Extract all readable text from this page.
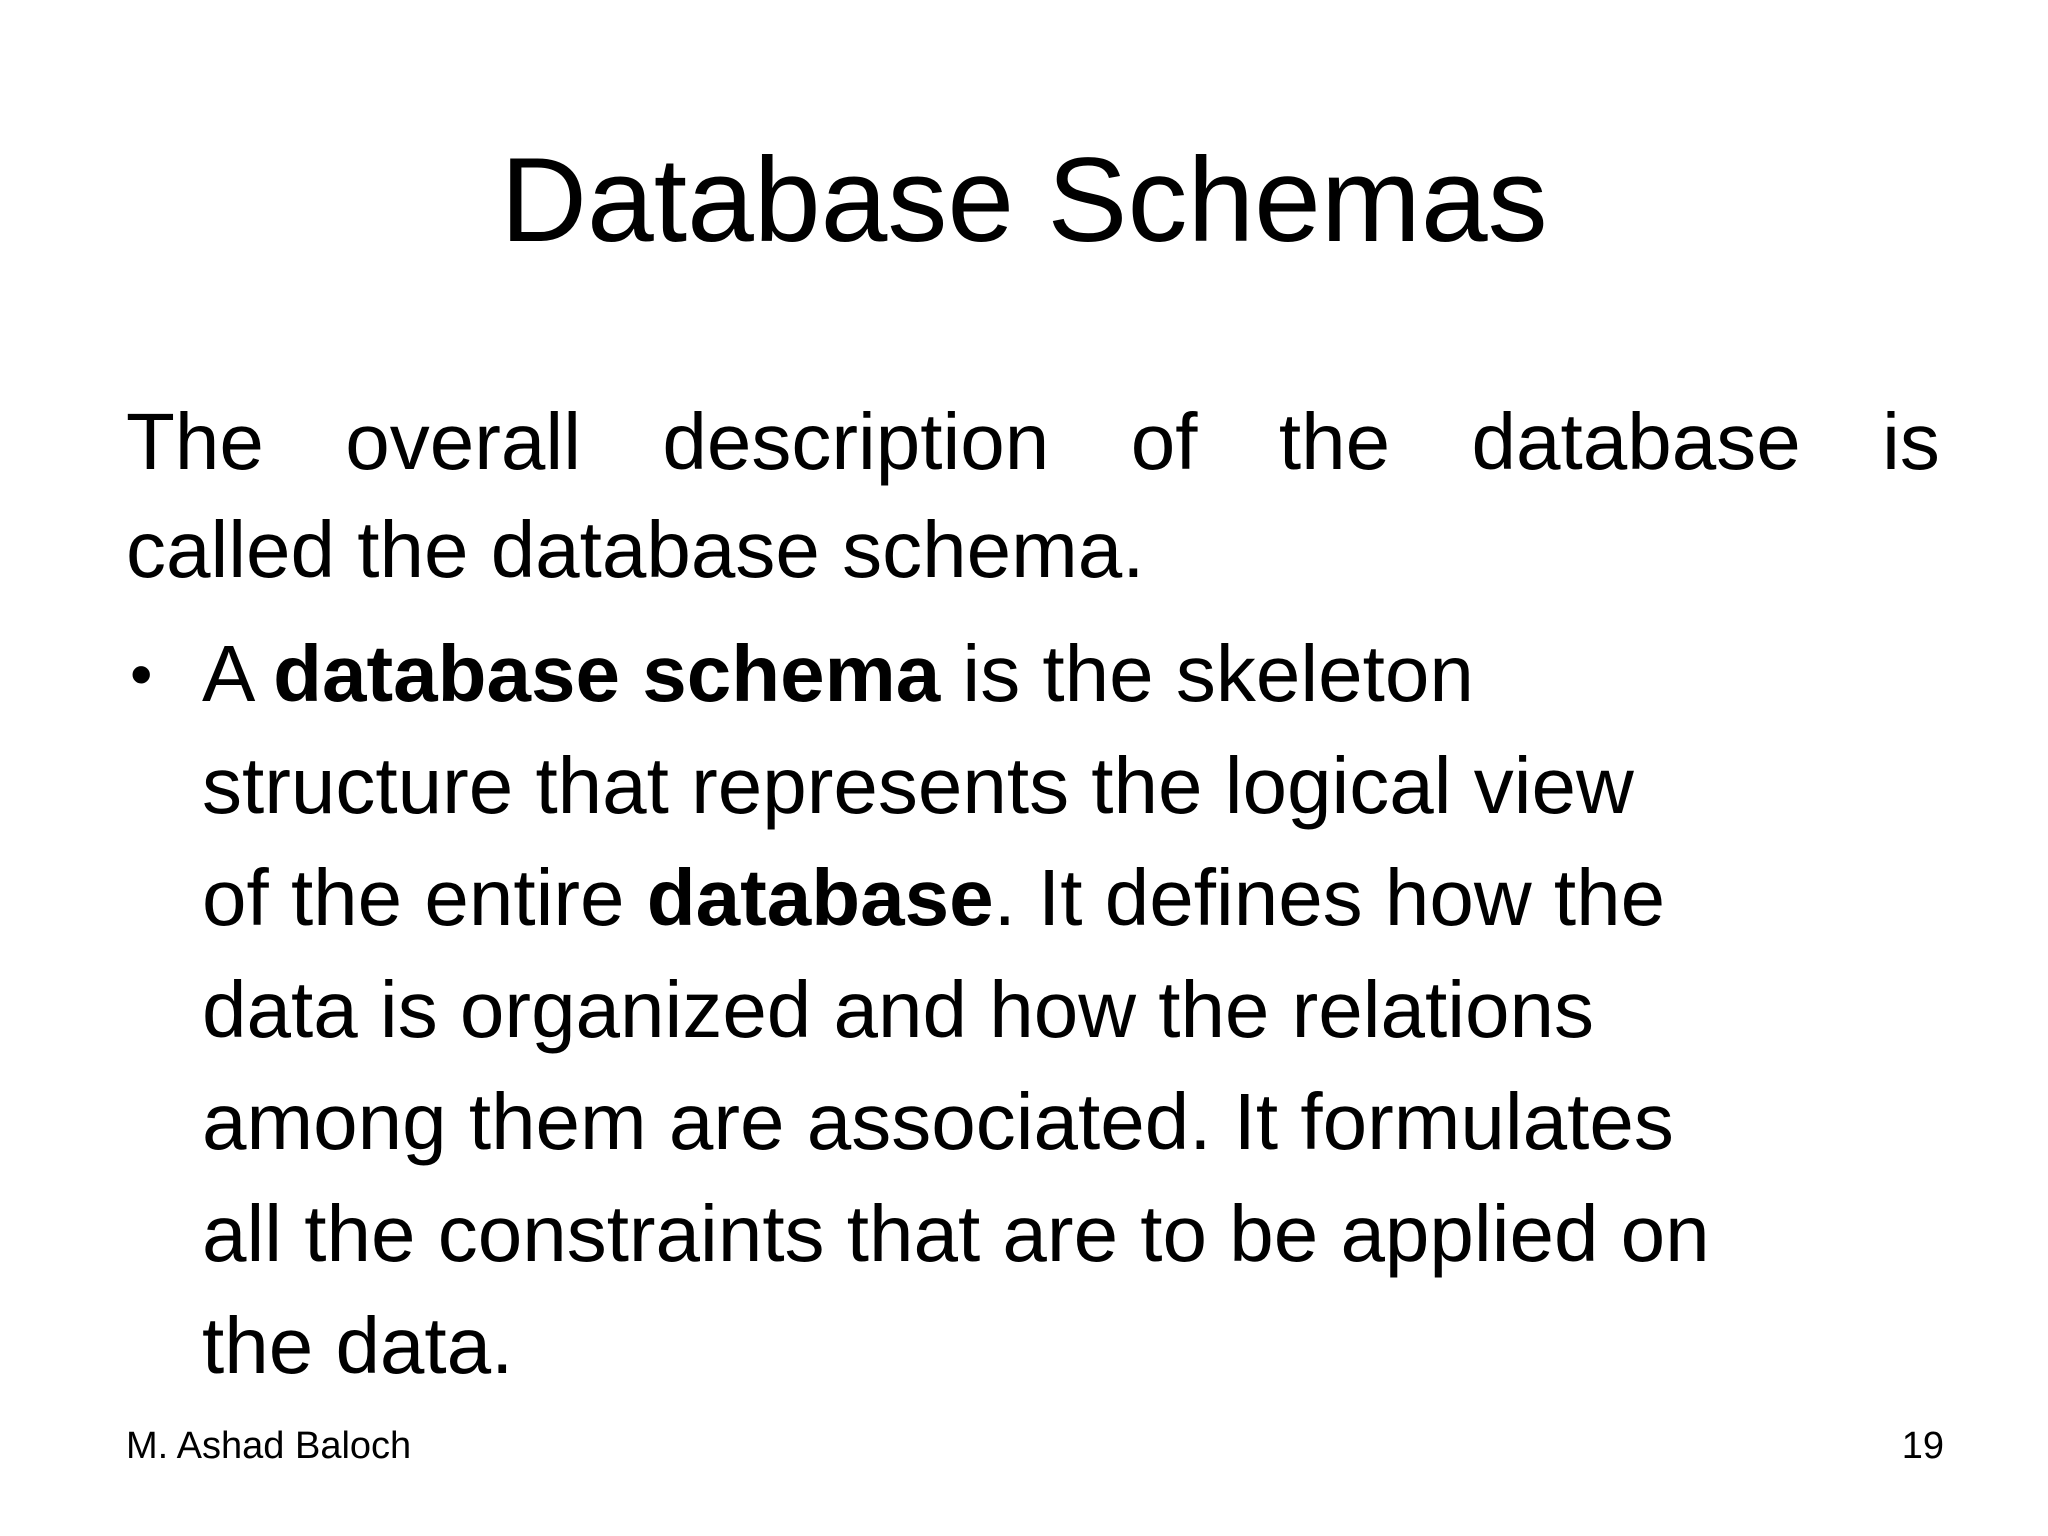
Database Schemas
The overall description of the database is
called the database schema.
• A database schema is the skeleton
structure that represents the logical view
of the entire database. It defines how the
data is organized and how the relations
among them are associated. It formulates
all the constraints that are to be applied on
the data.
M. Ashad Baloch	19
